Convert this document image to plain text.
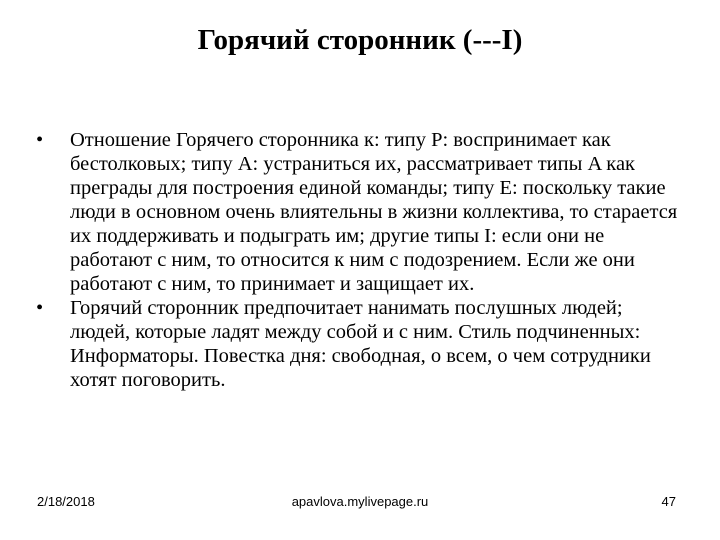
Горячий сторонник (---I)
• Отношение Горячего сторонника к: типу P: воспринимает как бестолковых; типу A: устраниться их, рассматривает типы A как преграды для построения единой команды; типу E: поскольку такие люди в основном очень влиятельны в жизни коллектива, то старается их поддерживать и подыграть им; другие типы I: если они не работают с ним, то относится к ним с подозрением. Если же они работают с ним, то принимает и защищает их.
• Горячий сторонник предпочитает нанимать послушных людей; людей, которые ладят между собой и с ним. Стиль подчиненных: Информаторы. Повестка дня: свободная, о всем, о чем сотрудники хотят поговорить.
2/18/2018	apavlova.mylivepage.ru	47
